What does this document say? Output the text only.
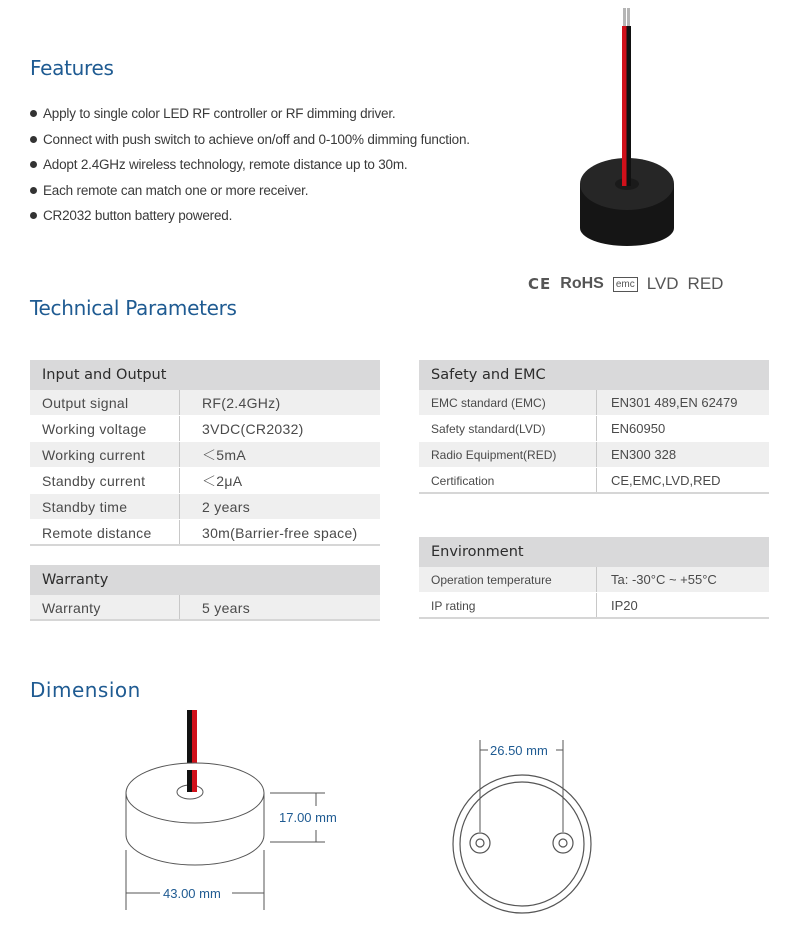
Features
Apply to single color LED RF controller or RF dimming driver.
Connect with push switch to achieve on/off and 0-100% dimming function.
Adopt 2.4GHz wireless technology, remote distance up to 30m.
Each remote can match one or more receiver.
CR2032 button battery powered.
CE RoHS	emc LVD RED
Technical Parameters
Input and Output
Output signal	RF(2.4GHz)
Working voltage	3VDC(CR2032)
Working current	＜5mA
Standby current	＜2μA
Standby time	2 years
Remote distance	30m(Barrier-free space)
Warranty
Warranty	5 years
Safety and EMC
EMC standard (EMC)	EN301 489,EN 62479
Safety standard(LVD)	EN60950
Radio Equipment(RED)	EN300 328
Certification	CE,EMC,LVD,RED
Environment
Operation temperature	Ta: -30°C ~ +55°C
IP rating	IP20
Dimension
17.00 mm
43.00 mm
26.50 mm
